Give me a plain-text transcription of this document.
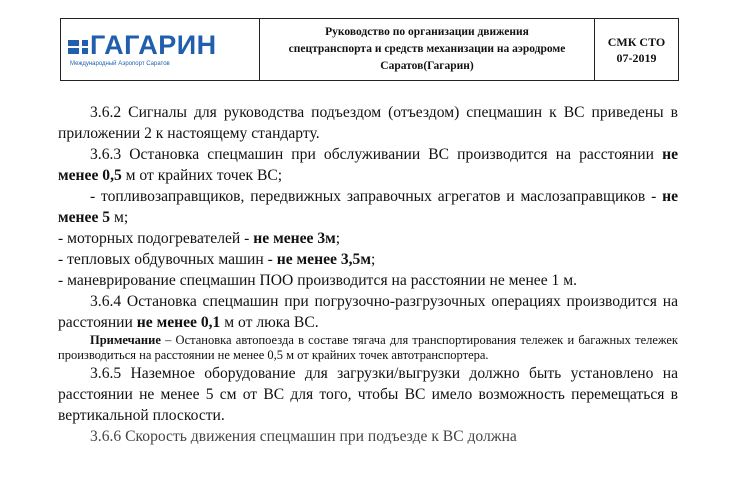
ГАГАРИН
Международный Аэропорт Саратов
Руководство по организации движения
спецтранспорта и средств механизации на аэродроме
Саратов(Гагарин)
СМК СТО
07-2019

3.6.2 Сигналы для руководства подъездом (отъездом) спецмашин к ВС приведены в приложении 2 к настоящему стандарту.

3.6.3 Остановка спецмашин при обслуживании ВС производится на расстоянии не менее 0,5 м от крайних точек ВС;

- топливозаправщиков, передвижных заправочных агрегатов и маслозаправщиков - не менее 5 м;

- моторных подогревателей - не менее 3м;

- тепловых обдувочных машин - не менее 3,5м;

- маневрирование спецмашин ПОО производится на расстоянии не менее 1 м.

3.6.4 Остановка спецмашин при погрузочно-разгрузочных операциях производится на расстоянии не менее 0,1 м от люка ВС.

Примечание – Остановка автопоезда в составе тягача для транспортирования тележек и багажных тележек производиться на расстоянии не менее 0,5 м от крайних точек автотранспортера.

3.6.5 Наземное оборудование для загрузки/выгрузки должно быть установлено на расстоянии не менее 5 см от ВС для того, чтобы ВС имело возможность перемещаться в вертикальной плоскости.

3.6.6 Скорость движения спецмашин при подъезде к ВС должна
